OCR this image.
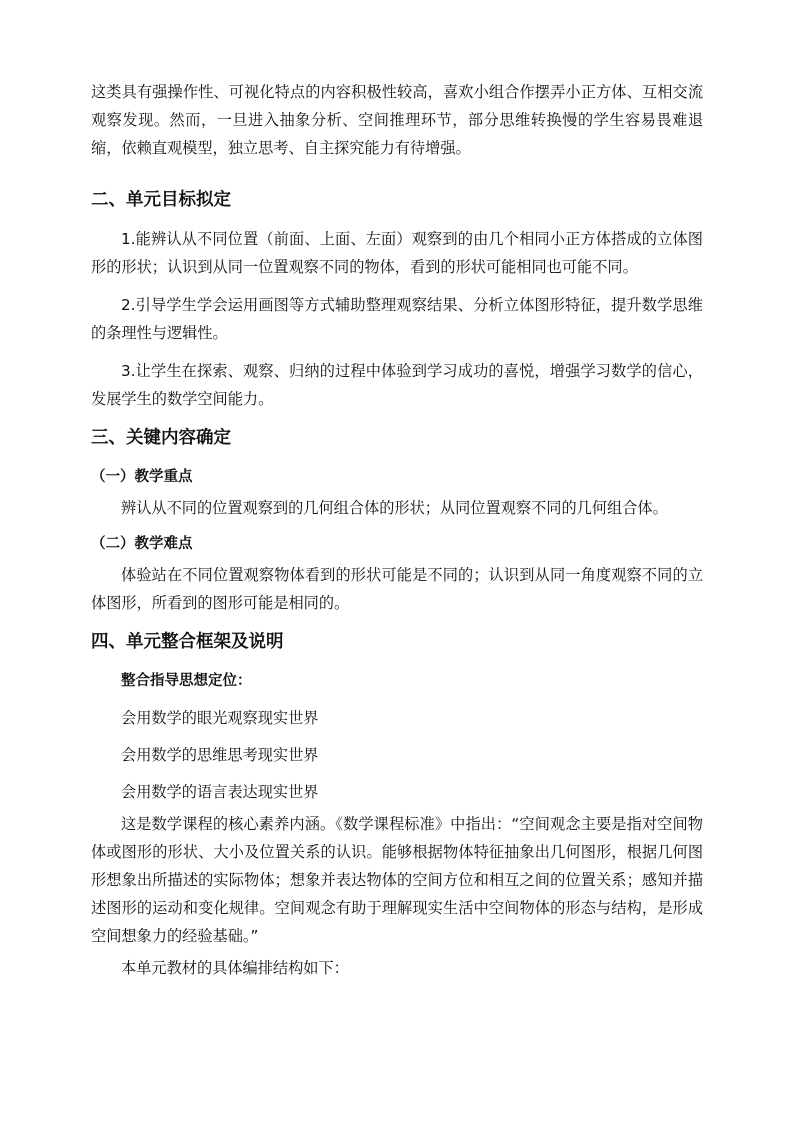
这类具有强操作性、可视化特点的内容积极性较高，喜欢小组合作摆弄小正方体、互相交流观察发现。然而，一旦进入抽象分析、空间推理环节，部分思维转换慢的学生容易畏难退缩，依赖直观模型，独立思考、自主探究能力有待增强。

二、单元目标拟定

1.能辨认从不同位置（前面、上面、左面）观察到的由几个相同小正方体搭成的立体图形的形状；认识到从同一位置观察不同的物体，看到的形状可能相同也可能不同。

2.引导学生学会运用画图等方式辅助整理观察结果、分析立体图形特征，提升数学思维的条理性与逻辑性。

3.让学生在探索、观察、归纳的过程中体验到学习成功的喜悦，增强学习数学的信心，发展学生的数学空间能力。

三、关键内容确定
（一）教学重点

辨认从不同的位置观察到的几何组合体的形状；从同位置观察不同的几何组合体。

（二）教学难点

体验站在不同位置观察物体看到的形状可能是不同的；认识到从同一角度观察不同的立体图形，所看到的图形可能是相同的。

四、单元整合框架及说明
整合指导思想定位：
会用数学的眼光观察现实世界
会用数学的思维思考现实世界
会用数学的语言表达现实世界

这是数学课程的核心素养内涵。《数学课程标准》中指出：“空间观念主要是指对空间物体或图形的形状、大小及位置关系的认识。能够根据物体特征抽象出几何图形，根据几何图形想象出所描述的实际物体；想象并表达物体的空间方位和相互之间的位置关系；感知并描述图形的运动和变化规律。空间观念有助于理解现实生活中空间物体的形态与结构，是形成空间想象力的经验基础。”

本单元教材的具体编排结构如下：
